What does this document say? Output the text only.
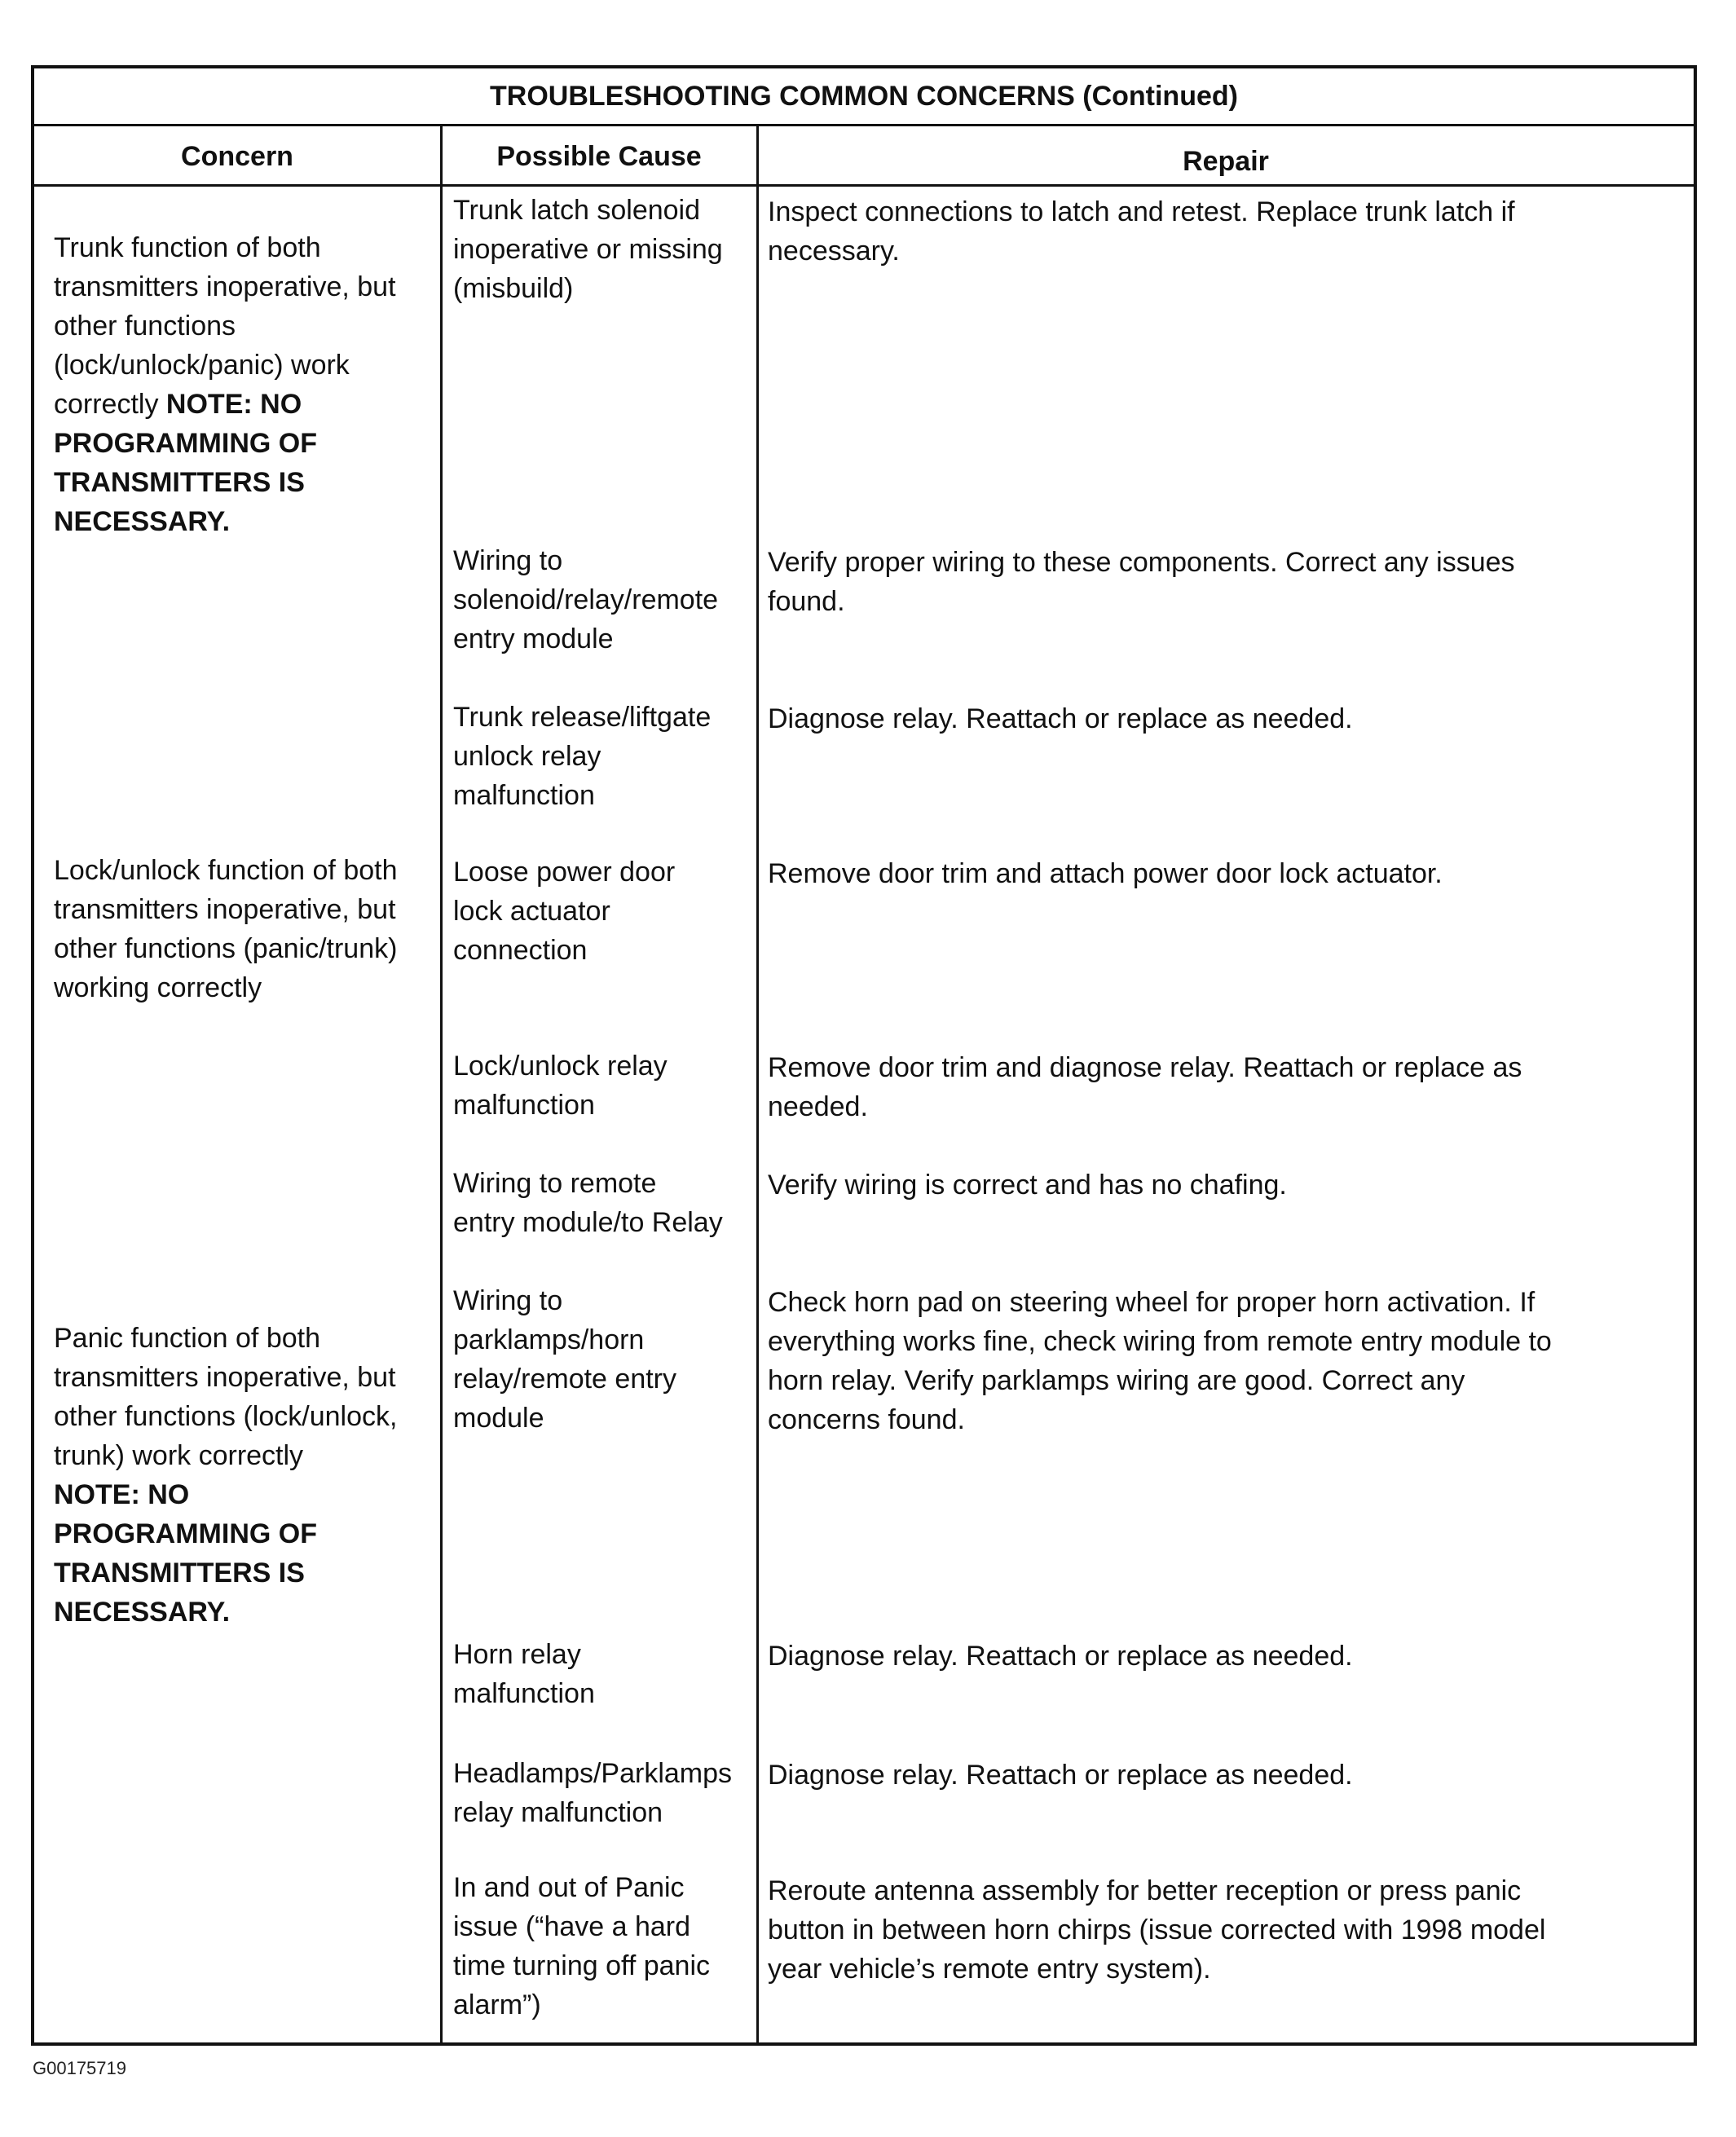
TROUBLESHOOTING COMMON CONCERNS (Continued)
Concern	Possible Cause	Repair

Trunk function of both
transmitters inoperative, but
other functions
(lock/unlock/panic) work
correctly NOTE: NO
PROGRAMMING OF
TRANSMITTERS IS
NECESSARY.

Trunk latch solenoid
inoperative or missing
(misbuild)
Inspect connections to latch and retest. Replace trunk latch if
necessary.
Wiring to
solenoid/relay/remote
entry module
Verify proper wiring to these components. Correct any issues
found.
Trunk release/liftgate
unlock relay
malfunction
Diagnose relay. Reattach or replace as needed.
Lock/unlock function of both
transmitters inoperative, but
other functions (panic/trunk)
working correctly
Loose power door
lock actuator
connection
Remove door trim and attach power door lock actuator.
Lock/unlock relay
malfunction
Remove door trim and diagnose relay. Reattach or replace as
needed.
Wiring to remote
entry module/to Relay
Verify wiring is correct and has no chafing.

Panic function of both
transmitters inoperative, but
other functions (lock/unlock,
trunk) work correctly

NOTE: NO
PROGRAMMING OF
TRANSMITTERS IS
NECESSARY.

Wiring to
parklamps/horn
relay/remote entry
module
Check horn pad on steering wheel for proper horn activation. If
everything works fine, check wiring from remote entry module to
horn relay. Verify parklamps wiring are good. Correct any
concerns found.
Horn relay
malfunction
Diagnose relay. Reattach or replace as needed.
Headlamps/Parklamps
relay malfunction
Diagnose relay. Reattach or replace as needed.
In and out of Panic
issue (“have a hard
time turning off panic
alarm”)
Reroute antenna assembly for better reception or press panic
button in between horn chirps (issue corrected with 1998 model
year vehicle’s remote entry system).
G00175719
